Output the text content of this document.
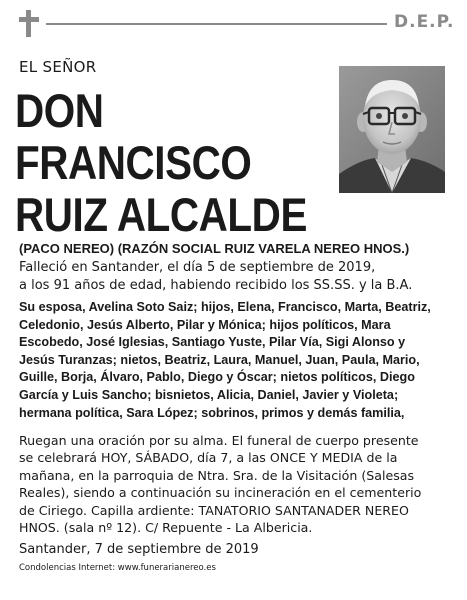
D.E.P.
EL SEÑOR
DON
FRANCISCO
RUIZ ALCALDE
(PACO NEREO) (RAZÓN SOCIAL RUIZ VARELA NEREO HNOS.)
Falleció en Santander, el día 5 de septiembre de 2019,
a los 91 años de edad, habiendo recibido los SS.SS. y la B.A.
Su esposa, Avelina Soto Saiz; hijos, Elena, Francisco, Marta, Beatriz,
Celedonio, Jesús Alberto, Pilar y Mónica; hijos políticos, Mara
Escobedo, José Iglesias, Santiago Yuste, Pilar Vía, Sigi Alonso y
Jesús Turanzas; nietos, Beatriz, Laura, Manuel, Juan, Paula, Mario,
Guille, Borja, Álvaro, Pablo, Diego y Óscar; nietos políticos, Diego
García y Luis Sancho; bisnietos, Alicia, Daniel, Javier y Violeta;
hermana política, Sara López; sobrinos, primos y demás familia,
Ruegan una oración por su alma. El funeral de cuerpo presente
se celebrará HOY, SÁBADO, día 7, a las ONCE Y MEDIA de la
mañana, en la parroquia de Ntra. Sra. de la Visitación (Salesas
Reales), siendo a continuación su incineración en el cementerio
de Ciriego. Capilla ardiente: TANATORIO SANTANADER NEREO
HNOS. (sala nº 12). C/ Repuente - La Albericia.
Santander, 7 de septiembre de 2019
Condolencias Internet: www.funerarianereo.es
